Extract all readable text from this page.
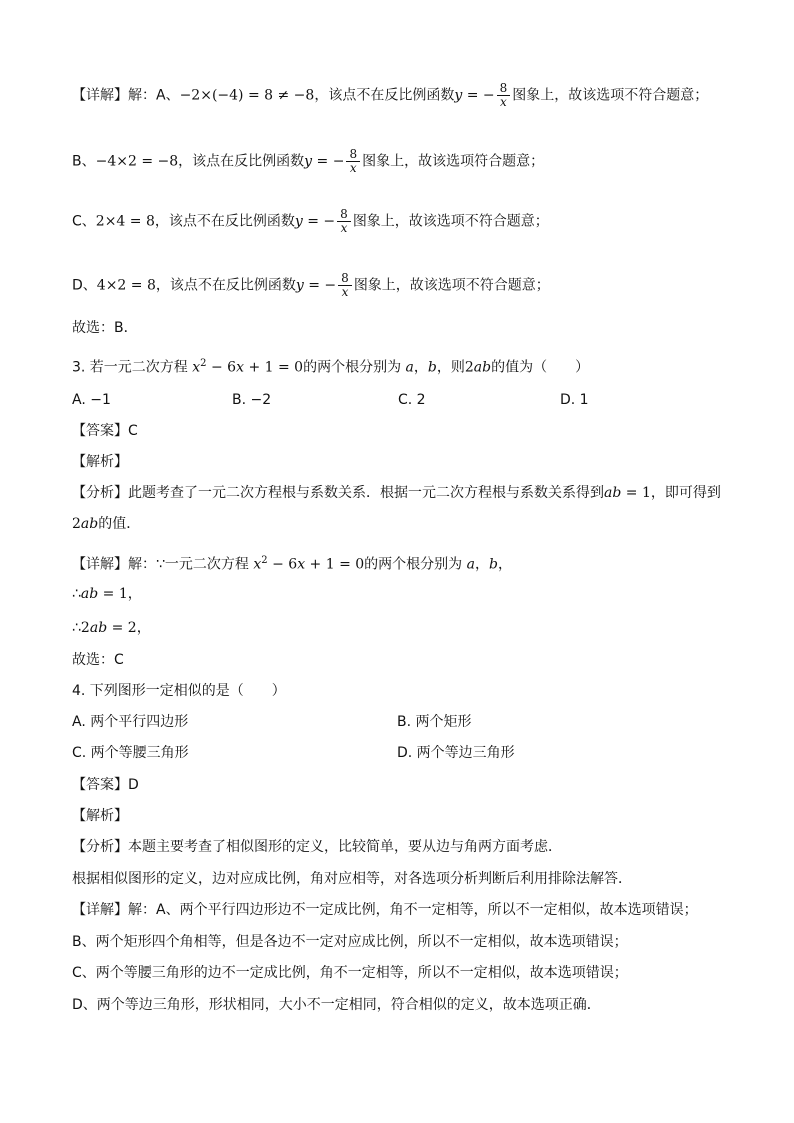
【详解】解：A、−2×(−4) = 8 ≠ −8，该点不在反比例函数y = − $\frac{8}{x}$ 图象上，故该选项不符合题意；
B、−4×2 = −8，该点在反比例函数y = − $\frac{8}{x}$ 图象上，故该选项符合题意；
C、2×4 = 8，该点不在反比例函数y = − $\frac{8}{x}$ 图象上，故该选项不符合题意；
D、4×2 = 8，该点不在反比例函数y = − $\frac{8}{x}$ 图象上，故该选项不符合题意；
故选：B．
3. 若一元二次方程 $x^2 - 6x + 1 = 0$的两个根分别为 a，b，则2ab的值为（　　）
【答案】C
【解析】
【分析】此题考查了一元二次方程根与系数关系．根据一元二次方程根与系数关系得到ab = 1，即可得到
2ab的值．
【详解】解：∵一元二次方程 $x^2 - 6x + 1 = 0$的两个根分别为 a，b，
∴ab = 1，
∴2ab = 2，
故选：C
4. 下列图形一定相似的是（　　）
A. −1	B. −2	C. 2	D. 1
A. 两个平行四边形	B. 两个矩形
C. 两个等腰三角形	D. 两个等边三角形
【答案】D
【解析】
【分析】本题主要考查了相似图形的定义，比较简单，要从边与角两方面考虑．
根据相似图形的定义，边对应成比例，角对应相等，对各选项分析判断后利用排除法解答．
【详解】解：A、两个平行四边形边不一定成比例，角不一定相等，所以不一定相似，故本选项错误；
B、两个矩形四个角相等，但是各边不一定对应成比例，所以不一定相似，故本选项错误；
C、两个等腰三角形的边不一定成比例，角不一定相等，所以不一定相似，故本选项错误；
D、两个等边三角形，形状相同，大小不一定相同，符合相似的定义，故本选项正确．
